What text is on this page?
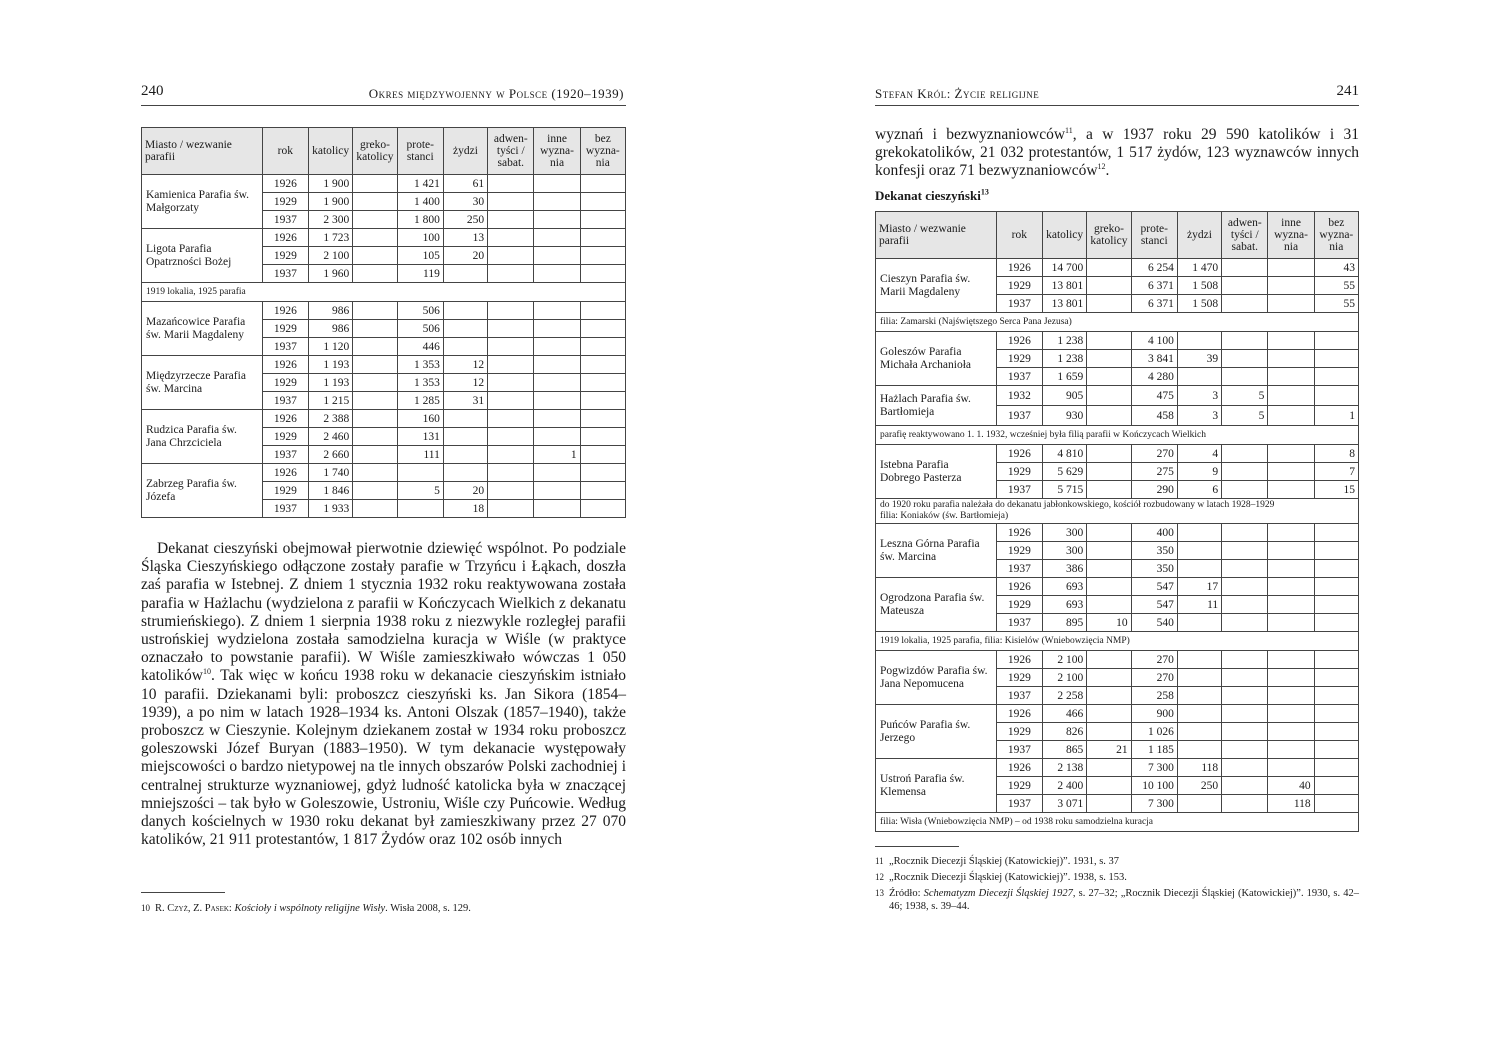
240	Okres międzywojenny w Polsce (1920–1939)
Miasto / wezwanie parafii	rok	katolicy	greko-katolicy	prote-stanci	żydzi	adwen-tyści / sabat.	inne wyzna-nia	bez wyzna-nia
Kamienica Parafia św. Małgorzaty	1926	1 900		1 421	61			
	1929	1 900		1 400	30			
	1937	2 300		1 800	250			
Ligota Parafia Opatrzności Bożej	1926	1 723		100	13			
	1929	2 100		105	20			
	1937	1 960		119				

1919 lokalia, 1925 parafia								

Mazańcowice Parafia św. Marii Magdaleny	1926	986		506				
	1929	986		506				
	1937	1 120		446				
Międzyrzecze Parafia św. Marcina	1926	1 193		1 353	12			
	1929	1 193		1 353	12			
	1937	1 215		1 285	31			
Rudzica Parafia św. Jana Chrzciciela	1926	2 388		160				
	1929	2 460		131				
	1937	2 660		111			1	
Zabrzeg Parafia św. Józefa	1926	1 740						
	1929	1 846		5	20			
	1937	1 933			18			

Dekanat cieszyński obejmował pierwotnie dziewięć wspólnot. Po podziale Śląska Cieszyńskiego odłączone zostały parafie w Trzyńcu i Łąkach, doszła zaś parafia w Istebnej. Z dniem 1 stycznia 1932 roku reaktywowana została parafia w Hażlachu (wydzielona z parafii w Kończycach Wielkich z dekanatu strumieńskiego). Z dniem 1 sierpnia 1938 roku z niezwykle rozległej parafii ustrońskiej wydzielona została samodzielna kuracja w Wiśle (w praktyce oznaczało to powstanie parafii). W Wiśle zamieszkiwało wówczas 1 050 katolików$^{10}$. Tak więc w końcu 1938 roku w dekanacie cieszyńskim istniało 10 parafii. Dziekanami byli: proboszcz cieszyński ks. Jan Sikora (1854–1939), a po nim w latach 1928–1934 ks. Antoni Olszak (1857–1940), także proboszcz w Cieszynie. Kolejnym dziekanem został w 1934 roku proboszcz goleszowski Józef Buryan (1883–1950). W tym dekanacie występowały miejscowości o bardzo nietypowej na tle innych obszarów Polski zachodniej i centralnej strukturze wyznaniowej, gdyż ludność katolicka była w znaczącej mniejszości – tak było w Goleszowie, Ustroniu, Wiśle czy Puńcowie. Według danych kościelnych w 1930 roku dekanat był zamieszkiwany przez 27 070 katolików, 21 911 protestantów, 1 817 Żydów oraz 102 osób innych

10 R. Czyż, Z. Pasek: Kościoły i wspólnoty religijne Wisły. Wisła 2008, s. 129.
Stefan Król: Życie religijne	241

wyznań i bezwyznaniowców$^{11}$, a w 1937 roku 29 590 katolików i 31 grekokatolików, 21 032 protestantów, 1 517 żydów, 123 wyznawców innych konfesji oraz 71 bezwyznaniowców$^{12}$.

Dekanat cieszyński$^{13}$
Miasto / wezwanie parafii	rok	katolicy	greko-katolicy	prote-stanci	żydzi	adwen-tyści / sabat.	inne wyzna-nia	bez wyzna-nia
Cieszyn Parafia św. Marii Magdaleny	1926	14 700		6 254	1 470			43
	1929	13 801		6 371	1 508			55
	1937	13 801		6 371	1 508			55

filia: Zamarski (Najświętszego Serca Pana Jezusa)								

Goleszów Parafia Michała Archanioła	1926	1 238		4 100				
	1929	1 238		3 841	39			
	1937	1 659		4 280				
Hażlach Parafia św. Bartłomieja	1932	905		475	3	5		
	1937	930		458	3	5		1

parafię reaktywowano 1. 1. 1932, wcześniej była filią parafii w Kończycach Wielkich								

Istebna Parafia Dobrego Pasterza	1926	4 810		270	4			8
	1929	5 629		275	9			7
	1937	5 715		290	6			15

do 1920 roku parafia należała do dekanatu jabłonkowskiego, kościół rozbudowany w latach 1928–1929
filia: Koniaków (św. Bartłomieja)								

Leszna Górna Parafia św. Marcina	1926	300		400				
	1929	300		350				
	1937	386		350				
Ogrodzona Parafia św. Mateusza	1926	693		547	17			
	1929	693		547	11			
	1937	895	10	540				

1919 lokalia, 1925 parafia, filia: Kisielów (Wniebowzięcia NMP)								

Pogwizdów Parafia św. Jana Nepomucena	1926	2 100		270				
	1929	2 100		270				
	1937	2 258		258				
Puńców Parafia św. Jerzego	1926	466		900				
	1929	826		1 026				
	1937	865	21	1 185				
Ustroń Parafia św. Klemensa	1926	2 138		7 300	118			
	1929	2 400		10 100	250		40	
	1937	3 071		7 300			118	

filia: Wisła (Wniebowzięcia NMP) – od 1938 roku samodzielna kuracja								
11 „Rocznik Diecezji Śląskiej (Katowickiej)”. 1931, s. 37
12 „Rocznik Diecezji Śląskiej (Katowickiej)”. 1938, s. 153.
13 Źródło: Schematyzm Diecezji Śląskiej 1927, s. 27–32; „Rocznik Diecezji Śląskiej (Katowickiej)”. 1930, s. 42–46; 1938, s. 39–44.
